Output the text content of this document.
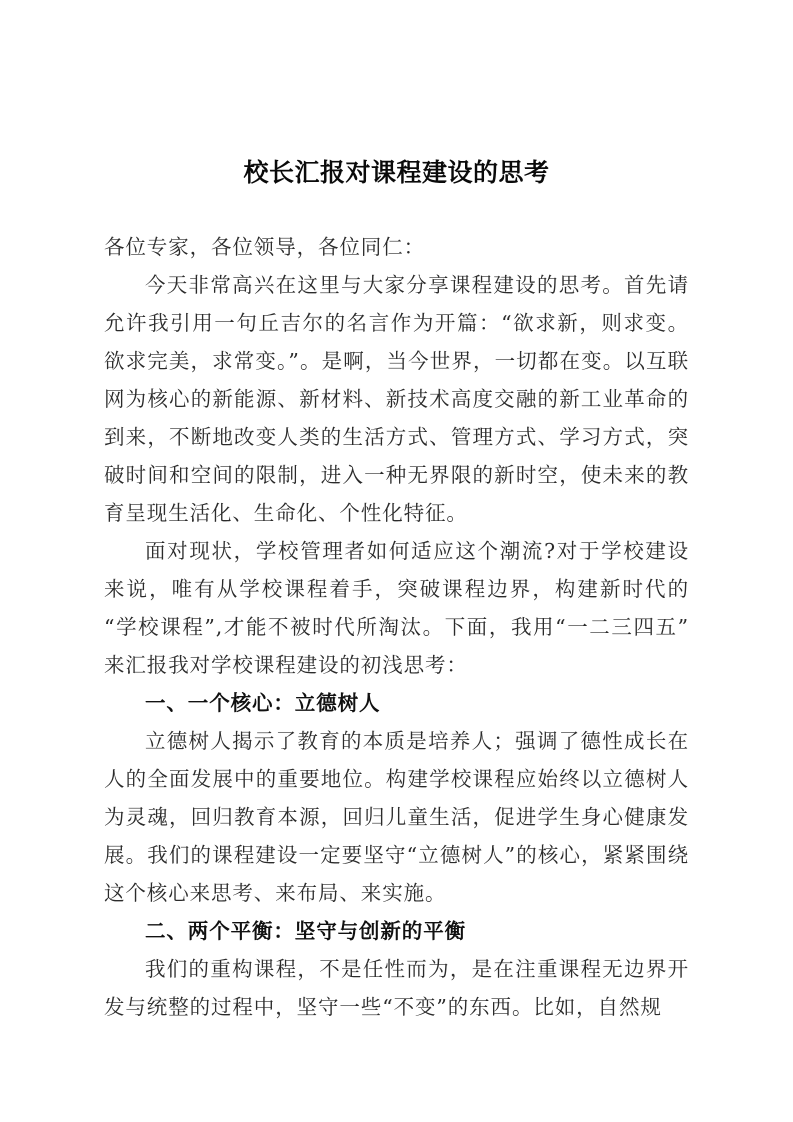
校长汇报对课程建设的思考

各位专家，各位领导，各位同仁：

今天非常高兴在这里与大家分享课程建设的思考。首先请允许我引用一句丘吉尔的名言作为开篇：“欲求新，则求变。欲求完美，求常变。”。是啊，当今世界，一切都在变。以互联网为核心的新能源、新材料、新技术高度交融的新工业革命的到来，不断地改变人类的生活方式、管理方式、学习方式，突破时间和空间的限制，进入一种无界限的新时空，使未来的教育呈现生活化、生命化、个性化特征。

面对现状，学校管理者如何适应这个潮流?对于学校建设来说，唯有从学校课程着手，突破课程边界，构建新时代的“学校课程”,才能不被时代所淘汰。下面，我用“一二三四五”来汇报我对学校课程建设的初浅思考：

一、一个核心：立德树人

立德树人揭示了教育的本质是培养人；强调了德性成长在人的全面发展中的重要地位。构建学校课程应始终以立德树人为灵魂，回归教育本源，回归儿童生活，促进学生身心健康发展。我们的课程建设一定要坚守“立德树人”的核心，紧紧围绕这个核心来思考、来布局、来实施。

二、两个平衡：坚守与创新的平衡

我们的重构课程，不是任性而为，是在注重课程无边界开发与统整的过程中，坚守一些“不变”的东西。比如，自然规
